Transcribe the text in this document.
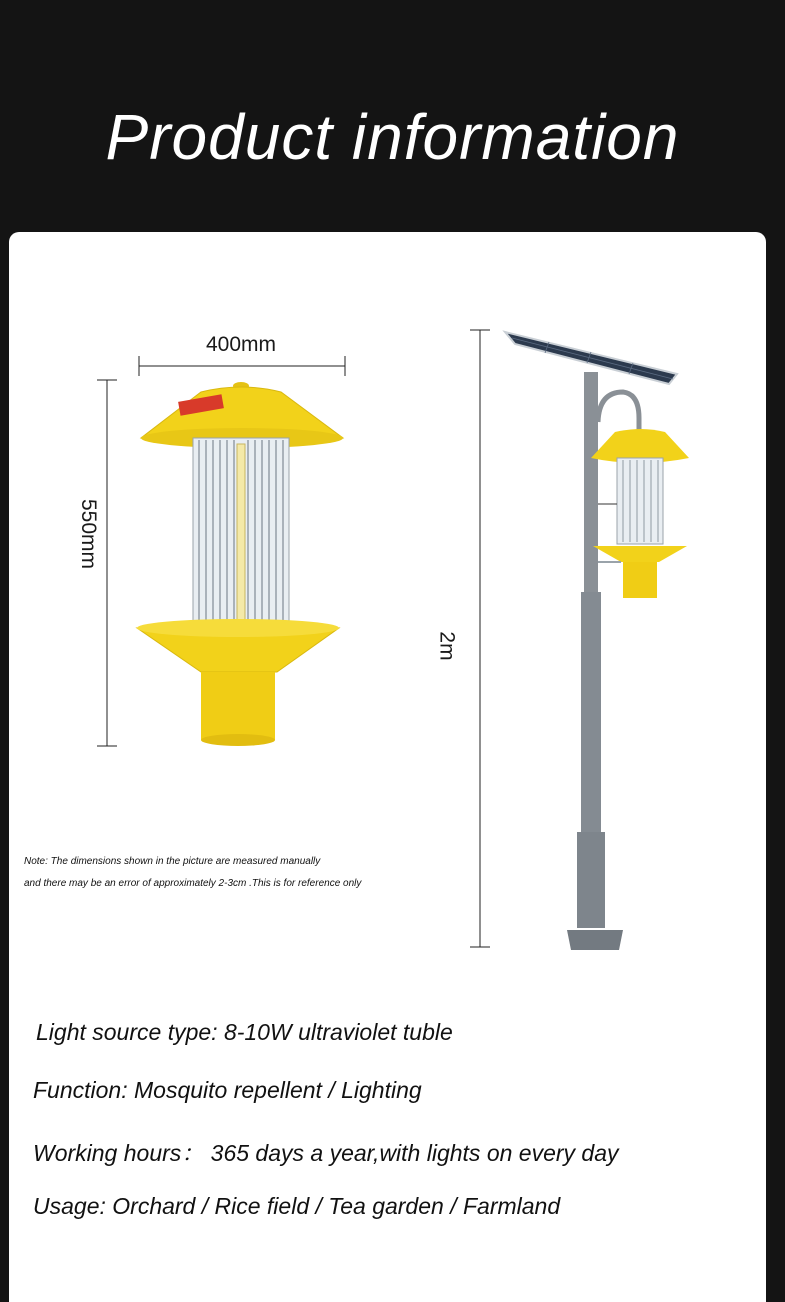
Product information
400mm
550mm
2m
Note: The dimensions shown in the picture are measured manually
and there may be an error of approximately 2-3cm .This is for reference only
Light source type: 8-10W ultraviolet tuble
Function: Mosquito repellent / Lighting
Working hours： 365 days a year,with lights on every day
Usage: Orchard / Rice field / Tea garden / Farmland
